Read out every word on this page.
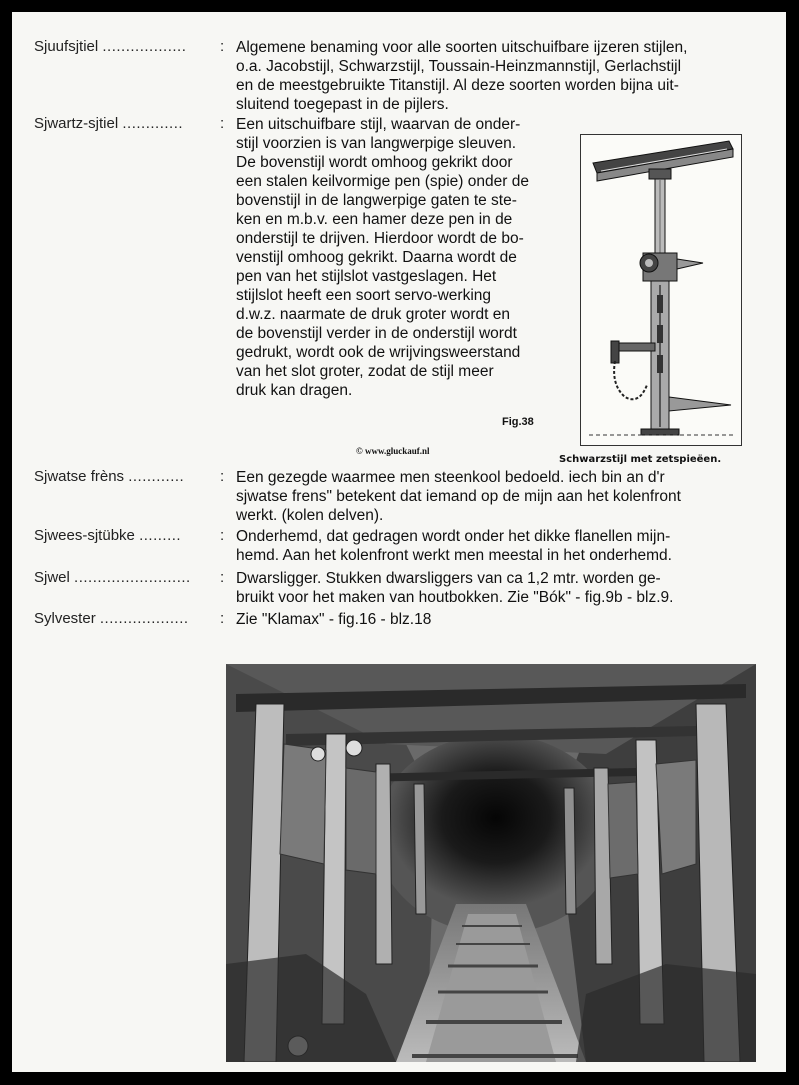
Sjuufsjtiel .................. : Algemene benaming voor alle soorten uitschuifbare ijzeren stijlen,
o.a. Jacobstijl, Schwarzstijl, Toussain-Heinzmannstijl, Gerlachstijl
en de meestgebruikte Titanstijl. Al deze soorten worden bijna uit-
sluitend toegepast in de pijlers.
Sjwartz-sjtiel ............. : Een uitschuifbare stijl, waarvan de onder-
stijl voorzien is van langwerpige sleuven.
De bovenstijl wordt omhoog gekrikt door
een stalen keilvormige pen (spie) onder de
bovenstijl in de langwerpige gaten te ste-
ken en m.b.v. een hamer deze pen in de
onderstijl te drijven. Hierdoor wordt de bo-
venstijl omhoog gekrikt. Daarna wordt de
pen van het stijlslot vastgeslagen. Het
stijlslot heeft een soort servo-werking
d.w.z. naarmate de druk groter wordt en
de bovenstijl verder in de onderstijl wordt
gedrukt, wordt ook de wrijvingsweerstand
van het slot groter, zodat de stijl meer
druk kan dragen.
Fig.38
© www.gluckauf.nl
Schwarzstijl met zetspieëen.
Sjwatse frèns ............ : Een gezegde waarmee men steenkool bedoeld. iech bin an d'r
sjwatse frens" betekent dat iemand op de mijn aan het kolenfront
werkt. (kolen delven).
Sjwees-sjtübke .........	: Onderhemd, dat gedragen wordt onder het dikke flanellen mijn-
hemd. Aan het kolenfront werkt men meestal in het onderhemd.
Sjwel ......................... : Dwarsligger. Stukken dwarsliggers van ca 1,2 mtr. worden ge-
bruikt voor het maken van houtbokken. Zie "Bók" - fig.9b - blz.9.
Sylvester ................... : Zie "Klamax" - fig.16 - blz.18
